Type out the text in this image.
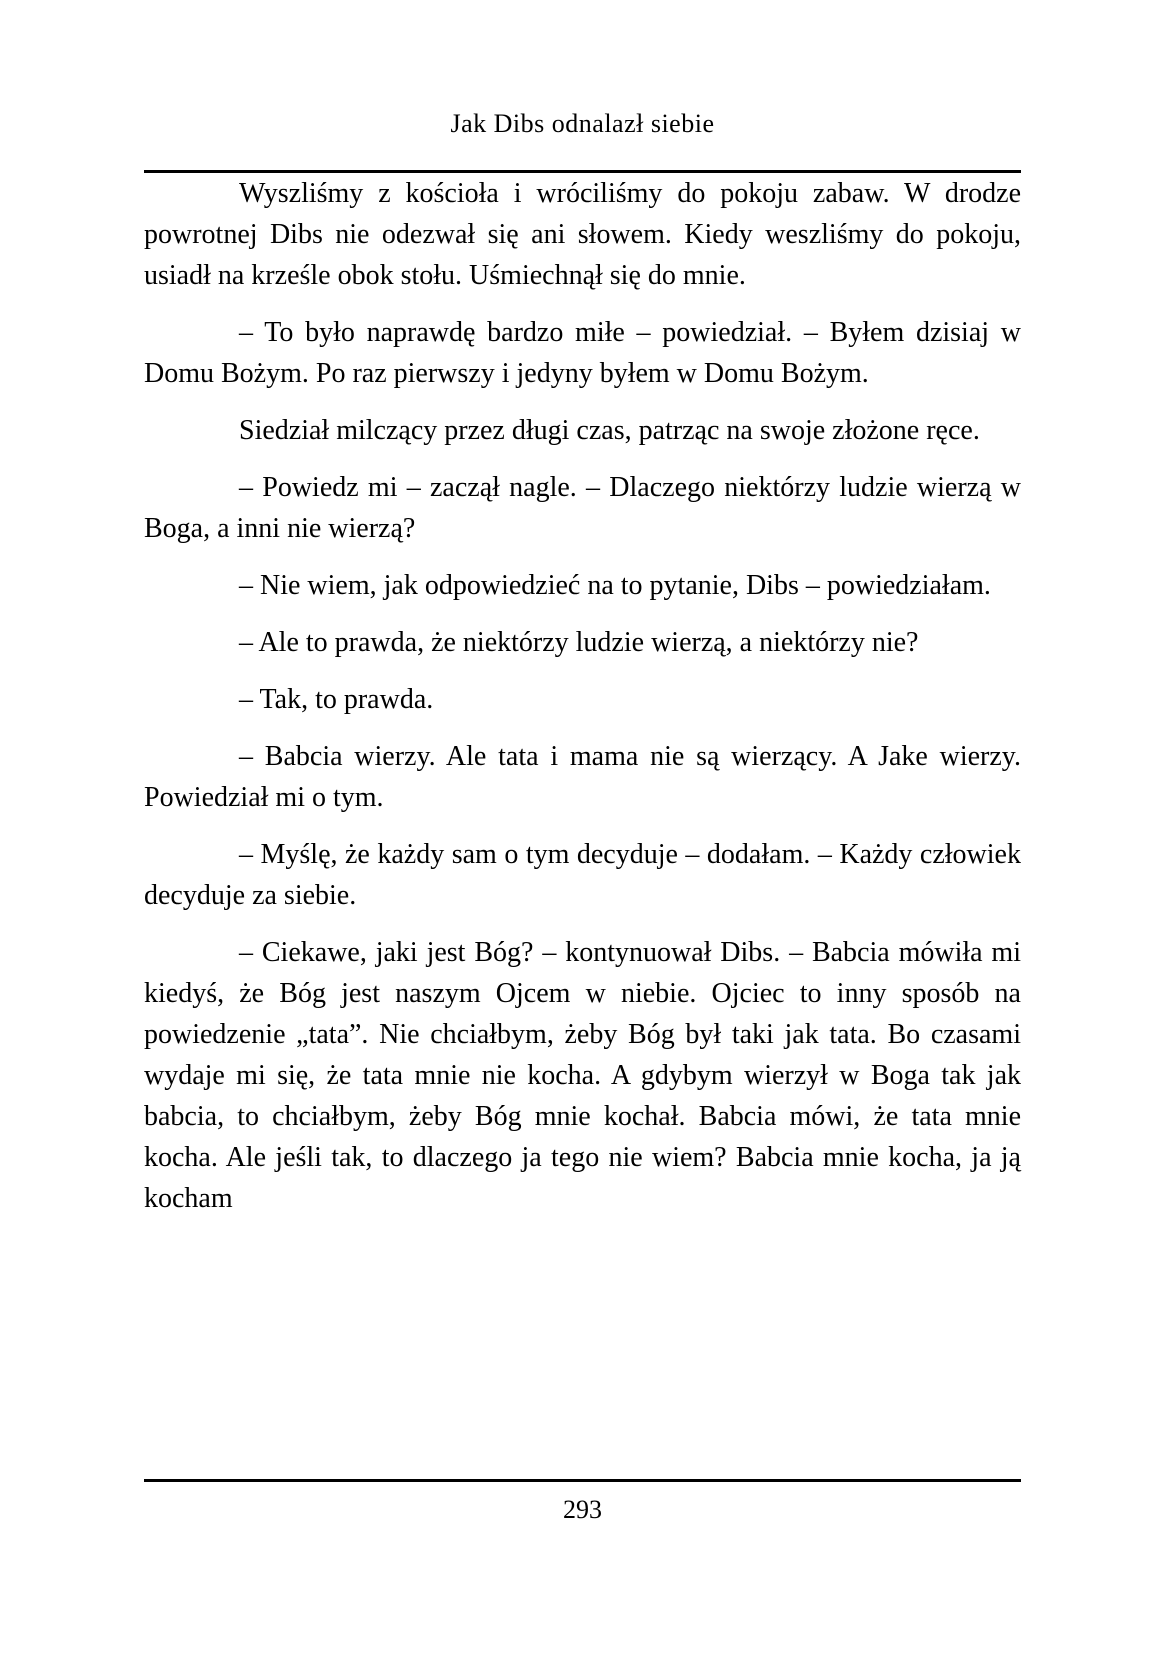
Jak Dibs odnalazł siebie

Wyszliśmy z kościoła i wróciliśmy do pokoju zabaw. W drodze powrotnej Dibs nie odezwał się ani słowem. Kiedy weszliśmy do pokoju, usiadł na krześle obok stołu. Uśmiechnął się do mnie.

– To było naprawdę bardzo miłe – powiedział. – Byłem dzisiaj w Domu Bożym. Po raz pierwszy i jedyny byłem w Domu Bożym.

Siedział milczący przez długi czas, patrząc na swoje złożone ręce.

– Powiedz mi – zaczął nagle. – Dlaczego niektórzy ludzie wierzą w Boga, a inni nie wierzą?

– Nie wiem, jak odpowiedzieć na to pytanie, Dibs – powiedziałam.

– Ale to prawda, że niektórzy ludzie wierzą, a niektórzy nie?

– Tak, to prawda.

– Babcia wierzy. Ale tata i mama nie są wierzący. A Jake wierzy. Powiedział mi o tym.

– Myślę, że każdy sam o tym decyduje – dodałam. – Każdy człowiek decyduje za siebie.

– Ciekawe, jaki jest Bóg? – kontynuował Dibs. – Babcia mówiła mi kiedyś, że Bóg jest naszym Ojcem w niebie. Ojciec to inny sposób na powiedzenie „tata”. Nie chciałbym, żeby Bóg był taki jak tata. Bo czasami wydaje mi się, że tata mnie nie kocha. A gdybym wierzył w Boga tak jak babcia, to chciałbym, żeby Bóg mnie kochał. Babcia mówi, że tata mnie kocha. Ale jeśli tak, to dlaczego ja tego nie wiem? Babcia mnie kocha, ja ją kocham

293
